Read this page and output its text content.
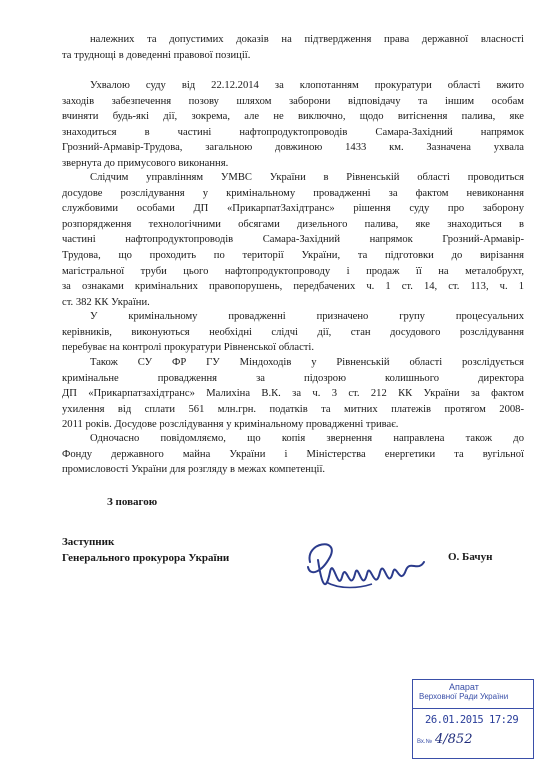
належних та допустимих доказів на підтвердження права державної власності
та труднощі в доведенні правової позиції.

Ухвалою суду від 22.12.2014 за клопотанням прокуратури області вжито
заходів забезпечення позову шляхом заборони відповідачу та іншим особам
вчиняти будь-які дії, зокрема, але не виключно, щодо витіснення палива, яке
знаходиться в частині нафтопродуктопроводів Самара-Західний напрямок
Грозний-Армавір-Трудова, загальною довжиною 1433 км. Зазначена ухвала
звернута до примусового виконання.

Слідчим управлінням УМВС України в Рівненській області проводиться
досудове розслідування у кримінальному провадженні за фактом невиконання
службовими особами ДП «ПрикарпатЗахідтранс» рішення суду про заборону
розпорядження технологічними обсягами дизельного палива, яке знаходиться в
частині нафтопродуктопроводів Самара-Західний напрямок Грозний-Армавір-
Трудова, що проходить по території України, та підготовки до вирізання
магістральної труби цього нафтопродуктопроводу і продаж її на металобрухт,
за ознаками кримінальних правопорушень, передбачених ч. 1 ст. 14, ст. 113, ч. 1
ст. 382 КК України.

У кримінальному провадженні призначено групу процесуальних
керівників, виконуються необхідні слідчі дії, стан досудового розслідування
перебуває на контролі прокуратури Рівненської області.

Також СУ ФР ГУ Міндоходів у Рівненській області розслідується
кримінальне провадження за підозрою колишнього директора
ДП «Прикарпатзахідтранс» Малихіна В.К. за ч. 3 ст. 212 КК України за фактом
ухилення від сплати 561 млн.грн. податків та митних платежів протягом 2008-
2011 років. Досудове розслідування у кримінальному провадженні триває.

Одночасно повідомляємо, що копія звернення направлена також до
Фонду державного майна України і Міністерства енергетики та вугільної
промисловості України для розгляду в межах компетенції.

З повагою
Заступник
Генерального прокурора України	О. Бачун
Апарат
Верховної Ради України
26.01.2015 17:29
Вх.№ 4/852
